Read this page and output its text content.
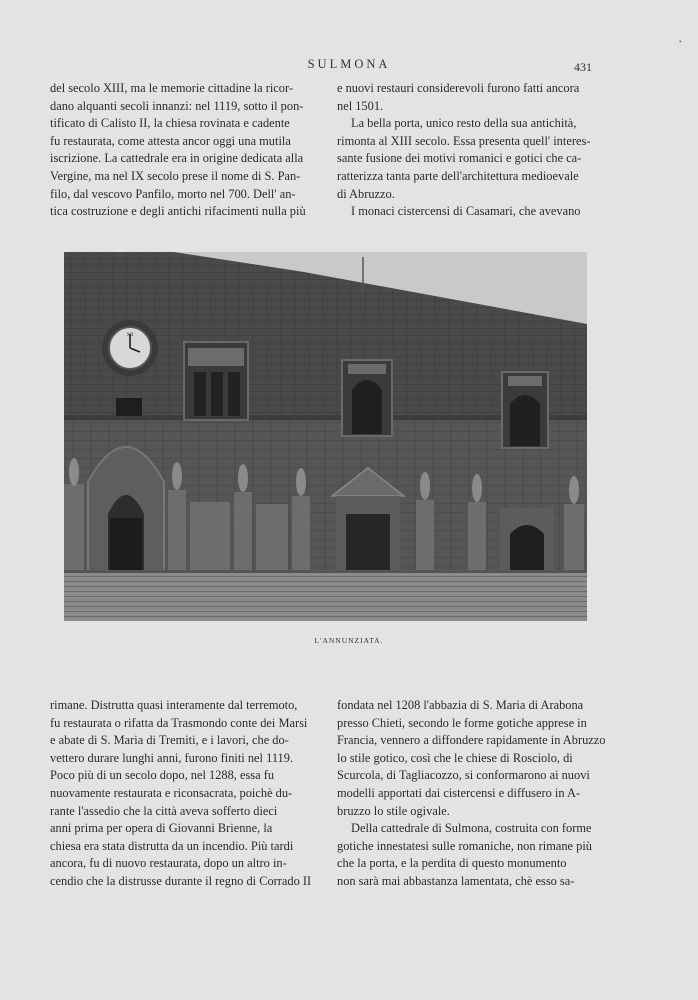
SULMONA	431
•

del secolo XIII, ma le memorie cittadine la ricor-
dano alquanti secoli innanzi: nel 1119, sotto il pon-
tificato di Calisto II, la chiesa rovinata e cadente
fu restaurata, come attesta ancor oggi una mutila
iscrizione. La cattedrale era in origine dedicata alla
Vergine, ma nel IX secolo prese il nome di S. Pan-
filo, dal vescovo Panfilo, morto nel 700. Dell' an-
tica costruzione e degli antichi rifacimenti nulla più

e nuovi restauri considerevoli furono fatti ancora
nel 1501.

La bella porta, unico resto della sua antichità,

rimonta al XIII secolo. Essa presenta quell' interes-
sante fusione dei motivi romanici e gotici che ca-
ratterizza tanta parte dell'architettura medioevale
di Abruzzo.

I monaci cistercensi di Casamari, che avevano

XII
L'ANNUNZIATA.

rimane. Distrutta quasi interamente dal terremoto,
fu restaurata o rifatta da Trasmondo conte dei Marsi
e abate di S. Maria di Tremiti, e i lavori, che do-
vettero durare lunghi anni, furono finiti nel 1119.
Poco più di un secolo dopo, nel 1288, essa fu
nuovamente restaurata e riconsacrata, poichè du-
rante l'assedio che la città aveva sofferto dieci
anni prima per opera di Giovanni Brienne, la
chiesa era stata distrutta da un incendio. Più tardi
ancora, fu di nuovo restaurata, dopo un altro in-
cendio che la distrusse durante il regno di Corrado II

fondata nel 1208 l'abbazia di S. Maria di Arabona
presso Chieti, secondo le forme gotiche apprese in
Francia, vennero a diffondere rapidamente in Abruzzo
lo stile gotico, così che le chiese di Rosciolo, di
Scurcola, di Tagliacozzo, si conformarono ai nuovi
modelli apportati dai cistercensi e diffusero in A-
bruzzo lo stile ogivale.

Della cattedrale di Sulmona, costruita con forme

gotiche innestatesi sulle romaniche, non rimane più
che la porta, e la perdita di questo monumento
non sarà mai abbastanza lamentata, chè esso sa-
